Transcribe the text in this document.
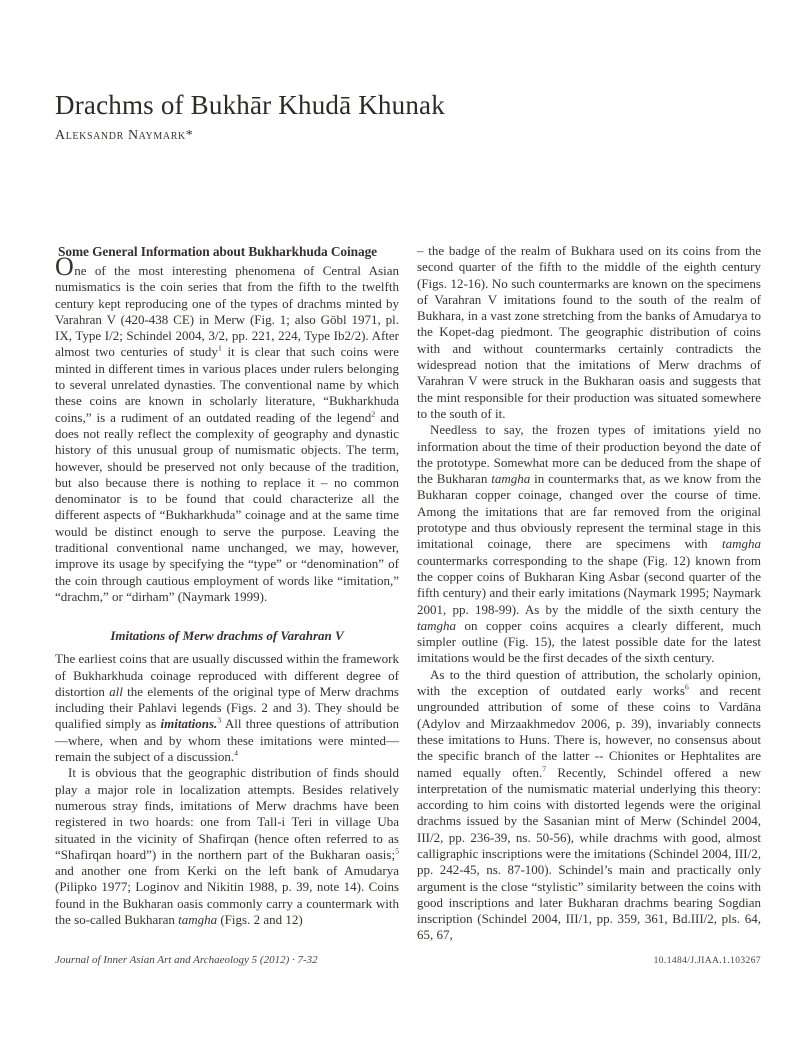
Drachms of Bukhār Khudā Khunak
Aleksandr Naymark*
Some General Information about Bukharkhuda Coinage

One of the most interesting phenomena of Central Asian numismatics is the coin series that from the fifth to the twelfth century kept reproducing one of the types of drachms minted by Varahran V (420-438 CE) in Merw (Fig. 1; also Göbl 1971, pl. IX, Type I/2; Schindel 2004, 3/2, pp. 221, 224, Type Ib2/2). After almost two centuries of study$^1$ it is clear that such coins were minted in different times in various places under rulers belonging to several unrelated dynasties. The conventional name by which these coins are known in scholarly literature, “Bukharkhuda coins,” is a rudiment of an outdated reading of the legend$^2$ and does not really reflect the complexity of geography and dynastic history of this unusual group of numismatic objects. The term, however, should be preserved not only because of the tradition, but also because there is nothing to replace it – no common denominator is to be found that could characterize all the different aspects of “Bukharkhuda” coinage and at the same time would be distinct enough to serve the purpose. Leaving the traditional conventional name unchanged, we may, however, improve its usage by specifying the “type” or “denomination” of the coin through cautious employment of words like “imitation,” “drachm,” or “dirham” (Naymark 1999).

Imitations of Merw drachms of Varahran V

The earliest coins that are usually discussed within the framework of Bukharkhuda coinage reproduced with different degree of distortion all the elements of the original type of Merw drachms including their Pahlavi legends (Figs. 2 and 3). They should be qualified simply as imitations.$^3$ All three questions of attribution—where, when and by whom these imitations were minted—remain the subject of a discussion.$^4$

It is obvious that the geographic distribution of finds should play a major role in localization attempts. Besides relatively numerous stray finds, imitations of Merw drachms have been registered in two hoards: one from Tall-i Teri in village Uba situated in the vicinity of Shafirqan (hence often referred to as “Shafirqan hoard”) in the northern part of the Bukharan oasis;$^5$ and another one from Kerki on the left bank of Amudarya (Pilipko 1977; Loginov and Nikitin 1988, p. 39, note 14). Coins found in the Bukharan oasis commonly carry a countermark with the so-called Bukharan tamgha (Figs. 2 and 12)

– the badge of the realm of Bukhara used on its coins from the second quarter of the fifth to the middle of the eighth century (Figs. 12-16). No such countermarks are known on the specimens of Varahran V imitations found to the south of the realm of Bukhara, in a vast zone stretching from the banks of Amudarya to the Kopet-dag piedmont. The geographic distribution of coins with and without countermarks certainly contradicts the widespread notion that the imitations of Merw drachms of Varahran V were struck in the Bukharan oasis and suggests that the mint responsible for their production was situated somewhere to the south of it.

Needless to say, the frozen types of imitations yield no information about the time of their production beyond the date of the prototype. Somewhat more can be deduced from the shape of the Bukharan tamgha in countermarks that, as we know from the Bukharan copper coinage, changed over the course of time. Among the imitations that are far removed from the original prototype and thus obviously represent the terminal stage in this imitational coinage, there are specimens with tamgha countermarks corresponding to the shape (Fig. 12) known from the copper coins of Bukharan King Asbar (second quarter of the fifth century) and their early imitations (Naymark 1995; Naymark 2001, pp. 198-99). As by the middle of the sixth century the tamgha on copper coins acquires a clearly different, much simpler outline (Fig. 15), the latest possible date for the latest imitations would be the first decades of the sixth century.

As to the third question of attribution, the scholarly opinion, with the exception of outdated early works$^6$ and recent ungrounded attribution of some of these coins to Vardāna (Adylov and Mirzaakhmedov 2006, p. 39), invariably connects these imitations to Huns. There is, however, no consensus about the specific branch of the latter -- Chionites or Hephtalites are named equally often.$^7$ Recently, Schindel offered a new interpretation of the numismatic material underlying this theory: according to him coins with distorted legends were the original drachms issued by the Sasanian mint of Merw (Schindel 2004, III/2, pp. 236-39, ns. 50-56), while drachms with good, almost calligraphic inscriptions were the imitations (Schindel 2004, III/2, pp. 242-45, ns. 87-100). Schindel’s main and practically only argument is the close “stylistic” similarity between the coins with good inscriptions and later Bukharan drachms bearing Sogdian inscription (Schindel 2004, III/1, pp. 359, 361, Bd.III/2, pls. 64, 65, 67,

Journal of Inner Asian Art and Archaeology 5 (2012) · 7-32	10.1484/J.JIAA.1.103267
